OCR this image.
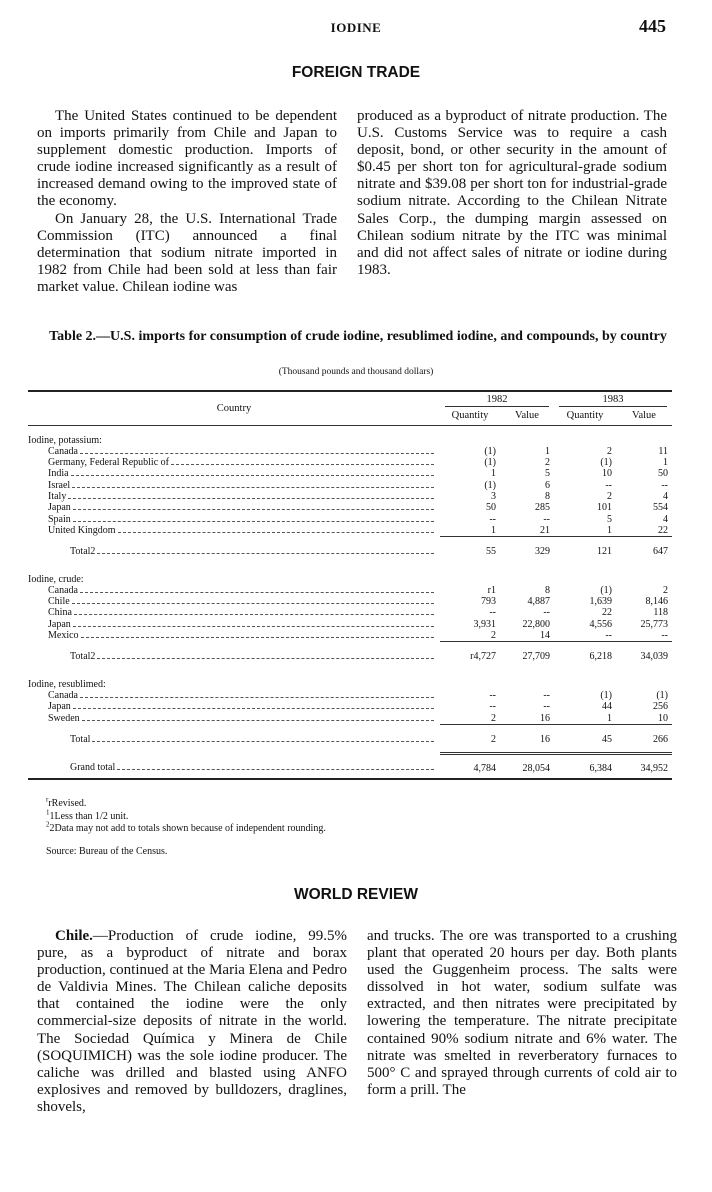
IODINE	445
FOREIGN TRADE

The United States continued to be dependent on imports primarily from Chile and Japan to supplement domestic production. Imports of crude iodine increased significantly as a result of increased demand owing to the improved state of the economy.

On January 28, the U.S. International Trade Commission (ITC) announced a final determination that sodium nitrate imported in 1982 from Chile had been sold at less than fair market value. Chilean iodine was

produced as a byproduct of nitrate production. The U.S. Customs Service was to require a cash deposit, bond, or other security in the amount of $0.45 per short ton for agricultural-grade sodium nitrate and $39.08 per short ton for industrial-grade sodium nitrate. According to the Chilean Nitrate Sales Corp., the dumping margin assessed on Chilean sodium nitrate by the ITC was minimal and did not affect sales of nitrate or iodine during 1983.

Table 2.—U.S. imports for consumption of crude iodine, resublimed iodine, and compounds, by country
(Thousand pounds and thousand dollars)
Country	1982		1983	
	Quantity	Value	Quantity	Value
Iodine, potassium:				

Canada	(1)	1	2	11

Germany, Federal Republic of	(1)	2	(1)	1

India	1	5	10	50

Israel	(1)	6	--	--

Italy	3	8	2	4

Japan	50	285	101	554

Spain	--	--	5	4

United Kingdom	1	21	1	22

Total2	55	329	121	647
Iodine, crude:				

Canada	r1	8	(1)	2

Chile	793	4,887	1,639	8,146

China	--	--	22	118

Japan	3,931	22,800	4,556	25,773

Mexico	2	14	--	--

Total2	r4,727	27,709	6,218	34,039
Iodine, resublimed:				

Canada	--	--	(1)	(1)

Japan	--	--	44	256

Sweden	2	16	1	10

Total	2	16	45	266

Grand total	4,784	28,054	6,384	34,952
$^r$rRevised.
$^1$1Less than 1/2 unit.
$^2$2Data may not add to totals shown because of independent rounding.
Source: Bureau of the Census.
WORLD REVIEW

Chile.—Production of crude iodine, 99.5% pure, as a byproduct of nitrate and borax production, continued at the Maria Elena and Pedro de Valdivia Mines. The Chilean caliche deposits that contained the iodine were the only commercial-size deposits of nitrate in the world. The Sociedad Química y Minera de Chile (SOQUIMICH) was the sole iodine producer. The caliche was drilled and blasted using ANFO explosives and removed by bulldozers, draglines, shovels,

and trucks. The ore was transported to a crushing plant that operated 20 hours per day. Both plants used the Guggenheim process. The salts were dissolved in hot water, sodium sulfate was extracted, and then nitrates were precipitated by lowering the temperature. The nitrate precipitate contained 90% sodium nitrate and 6% water. The nitrate was smelted in reverberatory furnaces to 500° C and sprayed through currents of cold air to form a prill. The
